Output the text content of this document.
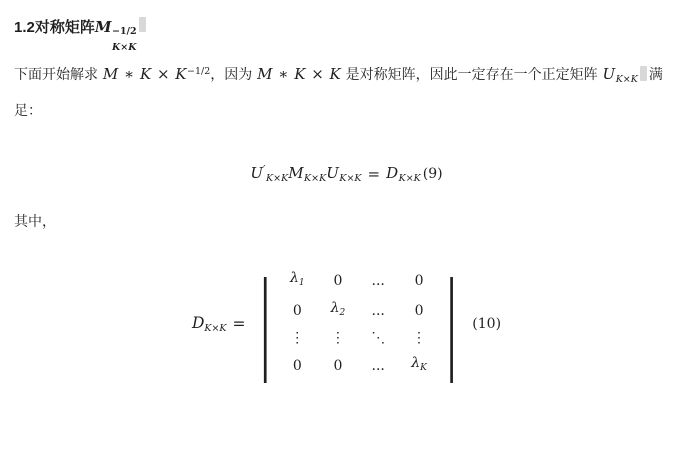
1.2 对称矩阵 M −1/2
K×K
下面开始解求 M ∗ $K \times K^{-1/2}$，因为 M ∗ K × K 是对称矩阵，因此一定存在一个正定矩阵 $U_{K\times K}$ 满足：
$U'_{K\times K}$ $M_{K\times K}$ $U_{K\times K} = D_{K\times K}$ (9)
其中，
$D_{K\times K}$ = |	$\lambda_1$	0	...	0
0	$\lambda_2$	...	0
⋮	⋮	⋱	⋮
0	0	...	$\lambda_K$ |	(10)
